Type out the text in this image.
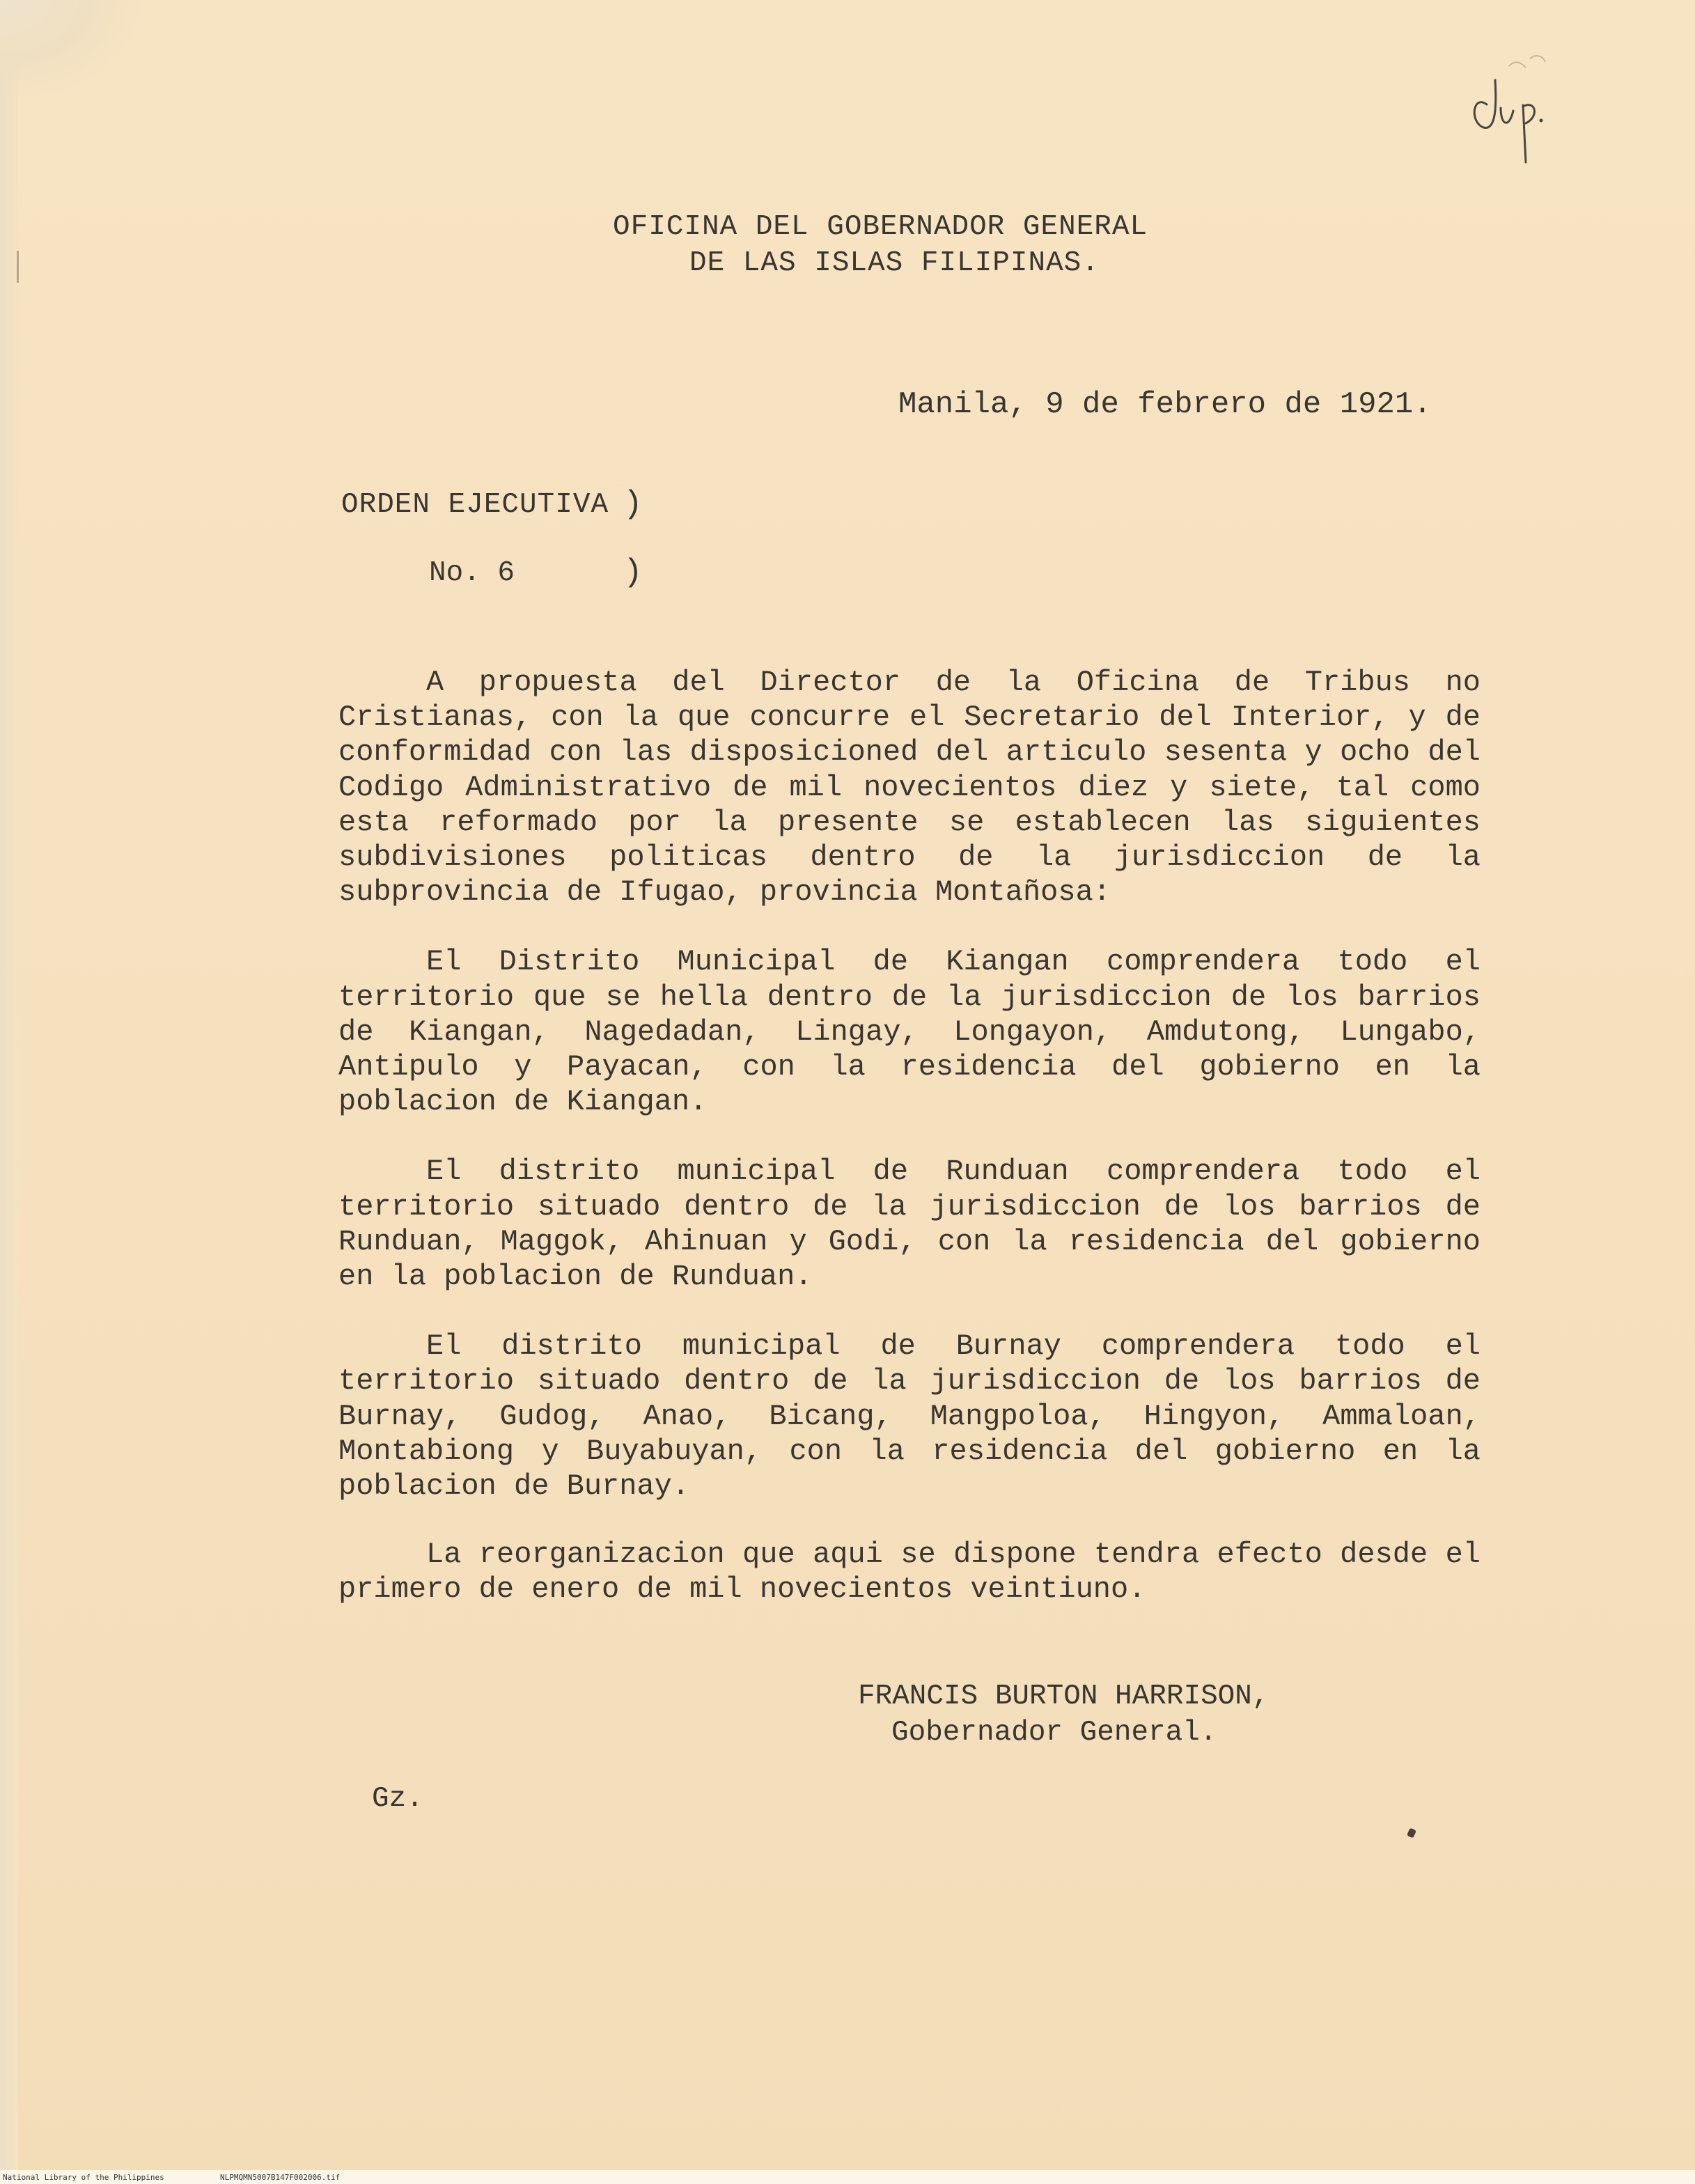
OFICINA DEL GOBERNADOR GENERAL
DE LAS ISLAS FILIPINAS.
Manila, 9 de febrero de 1921.
ORDEN EJECUTIVA )
No. 6	)

A propuesta del Director de la Oficina de Tribus no Cristianas, con la que concurre el Secretario del Interior, y de conformidad con las disposicioned del articulo sesenta y ocho del Codigo Administrativo de mil novecientos diez y siete, tal como esta reformado por la presente se establecen las siguientes subdivisiones politicas dentro de la jurisdiccion de la subprovincia de Ifugao, provincia Montañosa:

El Distrito Municipal de Kiangan comprendera todo el territorio que se hella dentro de la jurisdiccion de los barrios de Kiangan, Nagedadan, Lingay, Longayon, Amdutong, Lungabo, Antipulo y Payacan, con la residencia del gobierno en la poblacion de Kiangan.

El distrito municipal de Runduan comprendera todo el territorio situado dentro de la jurisdiccion de los barrios de Runduan, Maggok, Ahinuan y Godi, con la residencia del gobierno en la poblacion de Runduan.

El distrito municipal de Burnay comprendera todo el territorio situado dentro de la jurisdiccion de los barrios de Burnay, Gudog, Anao, Bicang, Mangpoloa, Hingyon, Ammaloan, Montabiong y Buyabuyan, con la residencia del gobierno en la poblacion de Burnay.

La reorganizacion que aqui se dispone tendra efecto desde el primero de enero de mil novecientos veintiuno.

FRANCIS BURTON HARRISON,
Gobernador General.
Gz.
National Library of the Philippines	NLPMQMN5007B147F002006.tif
